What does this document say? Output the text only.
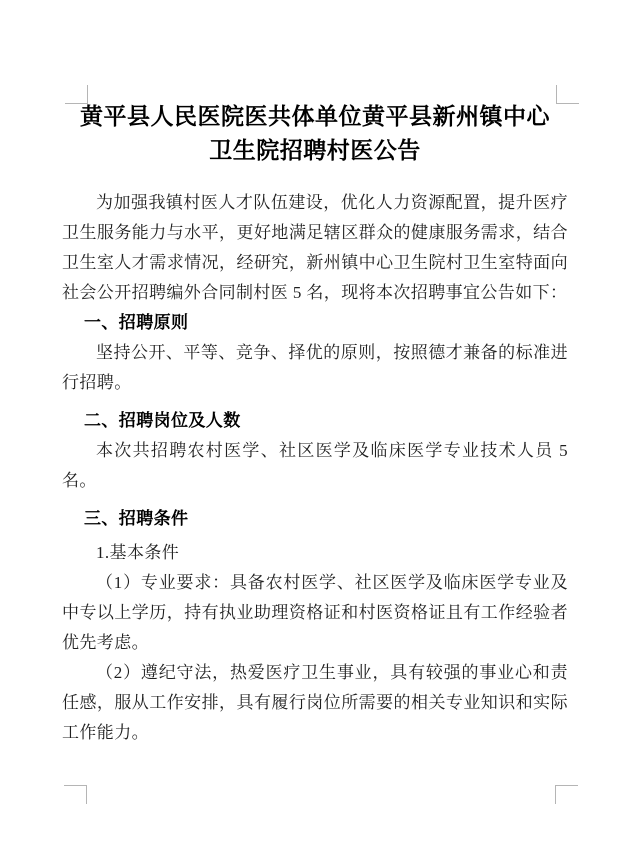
黄平县人民医院医共体单位黄平县新州镇中心
卫生院招聘村医公告

为加强我镇村医人才队伍建设，优化人力资源配置，提升医疗卫生服务能力与水平，更好地满足辖区群众的健康服务需求，结合卫生室人才需求情况，经研究，新州镇中心卫生院村卫生室特面向社会公开招聘编外合同制村医 5 名，现将本次招聘事宜公告如下：

一、招聘原则

坚持公开、平等、竞争、择优的原则，按照德才兼备的标准进行招聘。

二、招聘岗位及人数

本次共招聘农村医学、社区医学及临床医学专业技术人员 5 名。

三、招聘条件

1.基本条件

（1）专业要求：具备农村医学、社区医学及临床医学专业及中专以上学历，持有执业助理资格证和村医资格证且有工作经验者优先考虑。

（2）遵纪守法，热爱医疗卫生事业，具有较强的事业心和责任感，服从工作安排，具有履行岗位所需要的相关专业知识和实际工作能力。
